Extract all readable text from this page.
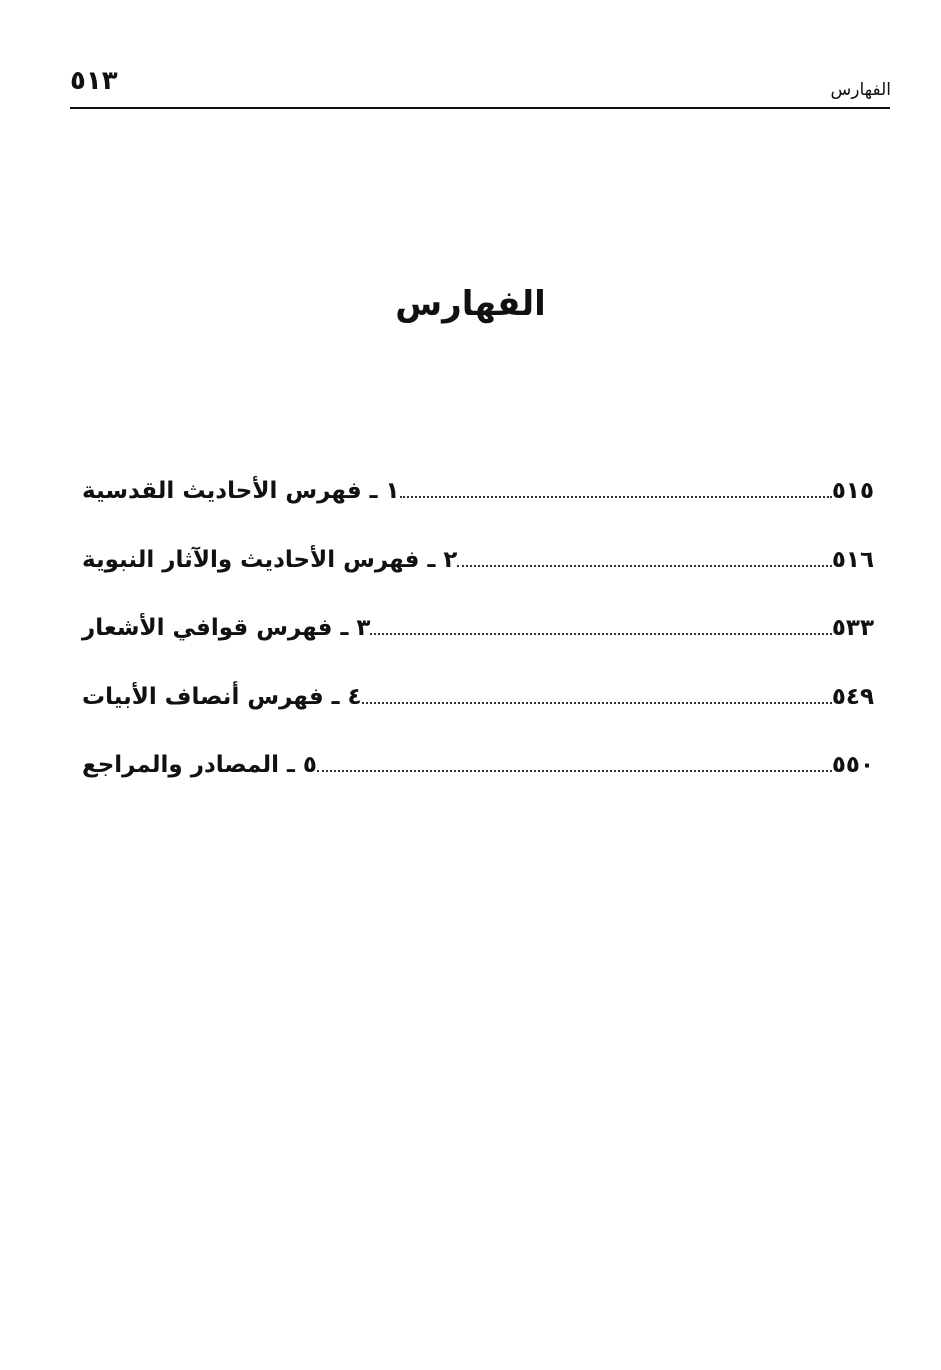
الفهارس
٥١٣
الفهارس
١ ـ فهرس الأحاديث القدسية	٥١٥
٢ ـ فهرس الأحاديث والآثار النبوية	٥١٦
٣ ـ فهرس قوافي الأشعار	٥٣٣
٤ ـ فهرس أنصاف الأبيات	٥٤٩
٥ ـ المصادر والمراجع	٥٥٠
